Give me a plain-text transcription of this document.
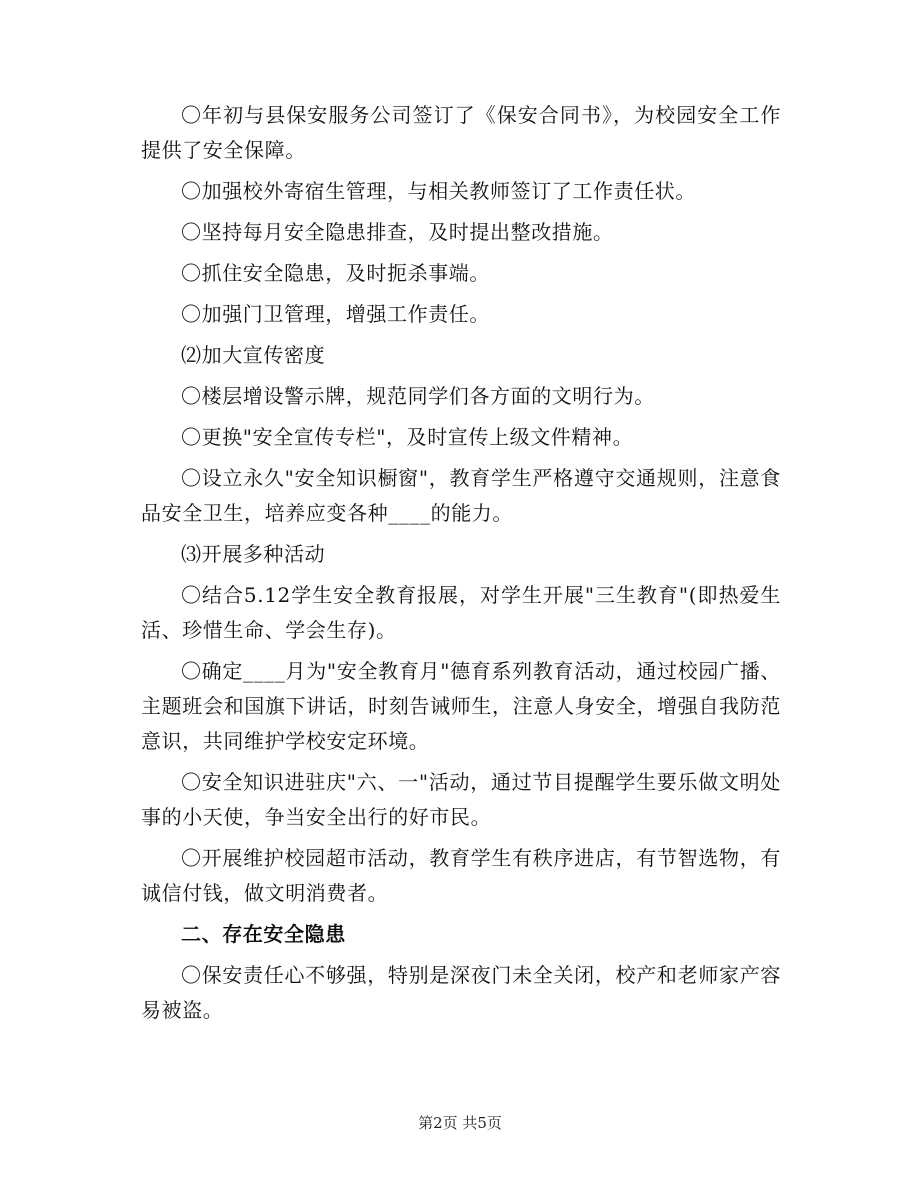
〇年初与县保安服务公司签订了《保安合同书》，为校园安全工作提供了安全保障。

〇加强校外寄宿生管理，与相关教师签订了工作责任状。

〇坚持每月安全隐患排查，及时提出整改措施。

〇抓住安全隐患，及时扼杀事端。

〇加强门卫管理，增强工作责任。

⑵加大宣传密度

〇楼层增设警示牌，规范同学们各方面的文明行为。

〇更换"安全宣传专栏"，及时宣传上级文件精神。

〇设立永久"安全知识橱窗"，教育学生严格遵守交通规则，注意食品安全卫生，培养应变各种____的能力。

⑶开展多种活动

〇结合5.12学生安全教育报展，对学生开展"三生教育"(即热爱生活、珍惜生命、学会生存)。

〇确定____月为"安全教育月"德育系列教育活动，通过校园广播、主题班会和国旗下讲话，时刻告诫师生，注意人身安全，增强自我防范意识，共同维护学校安定环境。

〇安全知识进驻庆"六、一"活动，通过节目提醒学生要乐做文明处事的小天使，争当安全出行的好市民。

〇开展维护校园超市活动，教育学生有秩序进店，有节智选物，有诚信付钱，做文明消费者。

二、存在安全隐患

〇保安责任心不够强，特别是深夜门未全关闭，校产和老师家产容易被盗。

第2页 共5页
